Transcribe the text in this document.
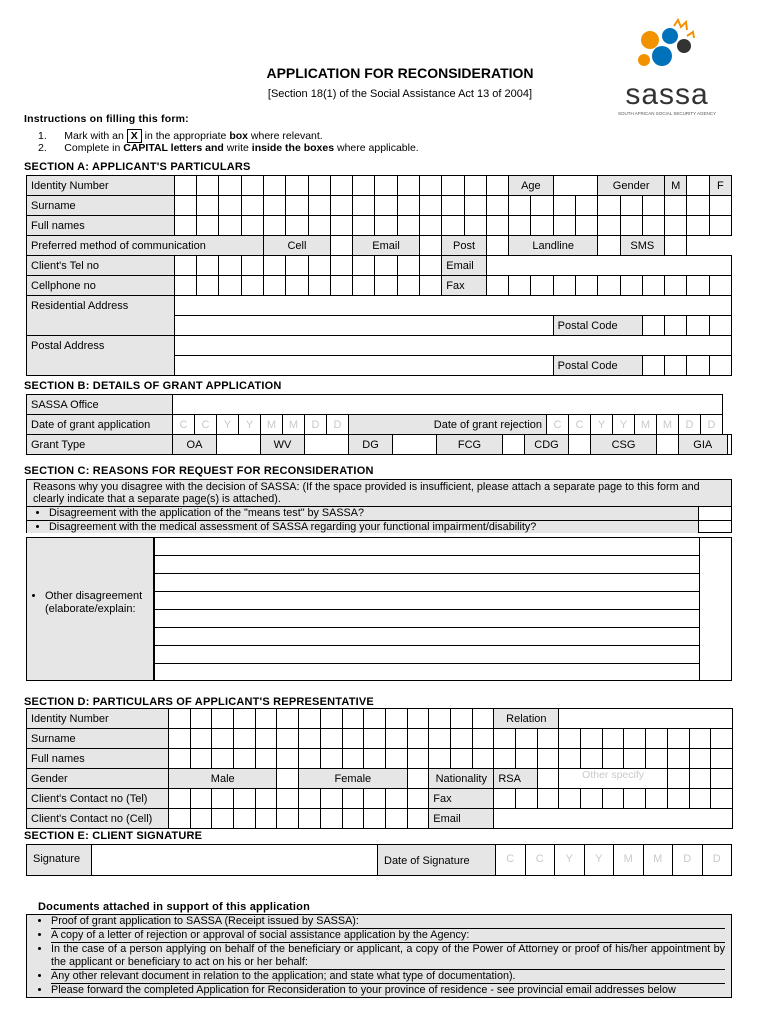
sassa
SOUTH AFRICAN SOCIAL SECURITY AGENCY
APPLICATION FOR RECONSIDERATION
[Section 18(1) of the Social Assistance Act 13 of 2004]
Instructions on filling this form:
1. Mark with an X in the appropriate box where relevant.
2. Complete in CAPITAL letters and write inside the boxes where applicable.
SECTION A: APPLICANT'S PARTICULARS
Identity Number																Age				Gender			M		F
Surname																									
Full names																									
Preferred method of communication					Cell				Email				Post			Landline					SMS				
Client's Tel no													Email												
Cellphone no													Fax												
Residential Address																									
																		Postal Code							
Postal Address																									
																		Postal Code							
SECTION B: DETAILS OF GRANT APPLICATION
SASSA Office																						
Date of grant application	C	C	Y	Y	M	M	D	D	Date of grant rejection					C	C	Y	Y	M	M	D	D	
Grant Type	OA				WV				DG		FCG		CDG			CSG				GIA		
SECTION C: REASONS FOR REQUEST FOR RECONSIDERATION
Reasons why you disagree with the decision of SASSA: (If the space provided is insufficient, please attach a separate page to this form and clearly indicate that a separate page(s) is attached).
• Disagreement with the application of the "means test" by SASSA?
• Disagreement with the medical assessment of SASSA regarding your functional impairment/disability?
• Other disagreement (elaborate/explain:
SECTION D: PARTICULARS OF APPLICANT'S REPRESENTATIVE
Identity Number																Relation										
Surname																										
Full names																										
Gender	Male						Female						Nationality			RSA			Other specify							
Client's Contact no (Tel)													Fax													
Client's Contact no (Cell)													Email													
SECTION E: CLIENT SIGNATURE
Signature	Date of Signature	C	C	Y	Y	M	M	D	D
Documents attached in support of this application
• Proof of grant application to SASSA (Receipt issued by SASSA):
• A copy of a letter of rejection or approval of social assistance application by the Agency:
• In the case of a person applying on behalf of the beneficiary or applicant, a copy of the Power of Attorney or proof of his/her appointment by the applicant or beneficiary to act on his or her behalf:
• Any other relevant document in relation to the application; and state what type of documentation).
• Please forward the completed Application for Reconsideration to your province of residence - see provincial email addresses below
